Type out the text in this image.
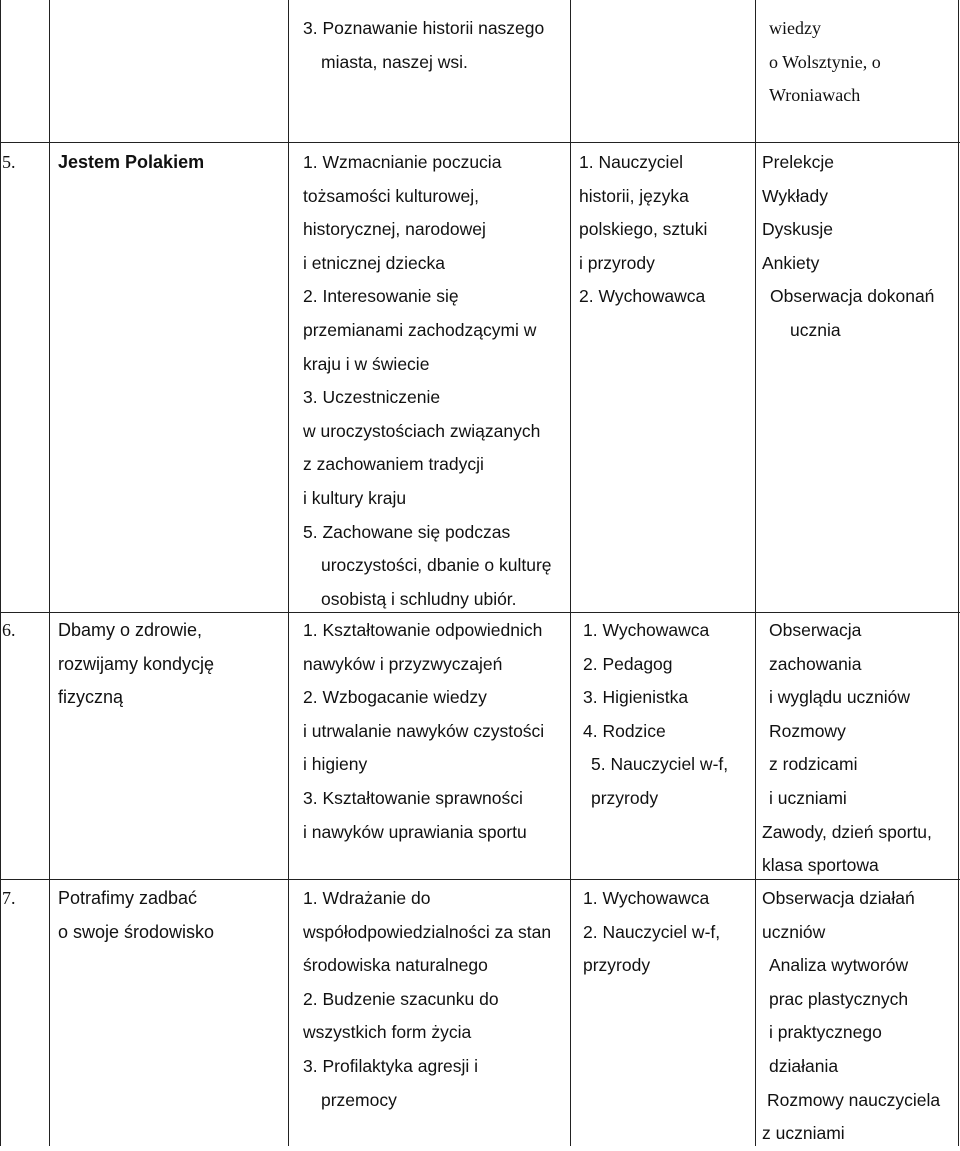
3. Poznawanie historii naszego
miasta, naszej wsi.
wiedzy
o Wolsztynie, o
Wroniawach
5. Jestem Polakiem	1. Wzmacnianie poczucia
tożsamości kulturowej,
historycznej, narodowej
i etnicznej dziecka
2. Interesowanie się
przemianami zachodzącymi w
kraju i w świecie
3. Uczestniczenie
w uroczystościach związanych
z zachowaniem tradycji
i kultury kraju
5. Zachowane się podczas
uroczystości, dbanie o kulturę
osobistą i schludny ubiór.
1. Nauczyciel
historii, języka
polskiego, sztuki
i przyrody
2. Wychowawca
Prelekcje
Wykłady
Dyskusje
Ankiety
Obserwacja dokonań
ucznia
6. Dbamy o zdrowie,
rozwijamy kondycję
fizyczną
1. Kształtowanie odpowiednich
nawyków i przyzwyczajeń
2. Wzbogacanie wiedzy
i utrwalanie nawyków czystości
i higieny
3. Kształtowanie sprawności
i nawyków uprawiania sportu
1. Wychowawca
2. Pedagog
3. Higienistka
4. Rodzice
5. Nauczyciel w-f,
przyrody
Obserwacja
zachowania
i wyglądu uczniów
Rozmowy
z rodzicami
i uczniami
Zawody, dzień sportu,
klasa sportowa
7. Potrafimy zadbać
o swoje środowisko
1. Wdrażanie do
współodpowiedzialności za stan
środowiska naturalnego
2. Budzenie szacunku do
wszystkich form życia
3. Profilaktyka agresji i
przemocy
1. Wychowawca
2. Nauczyciel w-f,
przyrody
Obserwacja działań
uczniów
Analiza wytworów
prac plastycznych
i praktycznego
działania
Rozmowy nauczyciela
z uczniami
